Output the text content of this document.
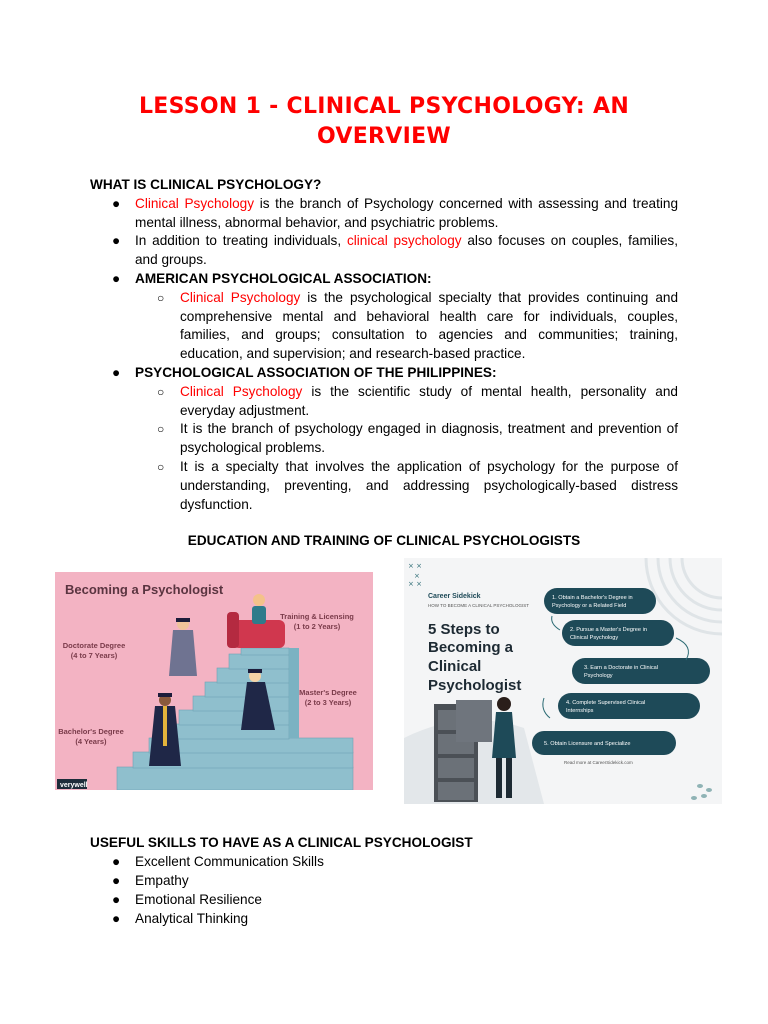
LESSON 1 - CLINICAL PSYCHOLOGY: AN OVERVIEW
WHAT IS CLINICAL PSYCHOLOGY?
● Clinical Psychology is the branch of Psychology concerned with assessing and treating mental illness, abnormal behavior, and psychiatric problems.
● In addition to treating individuals, clinical psychology also focuses on couples, families, and groups.
● AMERICAN PSYCHOLOGICAL ASSOCIATION:
○ Clinical Psychology is the psychological specialty that provides continuing and comprehensive mental and behavioral health care for individuals, couples, families, and groups; consultation to agencies and communities; training, education, and supervision; and research-based practice.
● PSYCHOLOGICAL ASSOCIATION OF THE PHILIPPINES:
○ Clinical Psychology is the scientific study of mental health, personality and everyday adjustment.
○ It is the branch of psychology engaged in diagnosis, treatment and prevention of psychological problems.
○ It is a specialty that involves the application of psychology for the purpose of understanding, preventing, and addressing psychologically-based distress dysfunction.
EDUCATION AND TRAINING OF CLINICAL PSYCHOLOGISTS
Becoming a Psychologist
Training & Licensing
(1 to 2 Years)
Doctorate Degree
(4 to 7 Years)
Master's Degree
(2 to 3 Years)
Bachelor's Degree
(4 Years)
verywell
× ×
×
× ×
Career Sidekick
HOW TO BECOME A CLINICAL PSYCHOLOGIST
5 Steps to
Becoming a
Clinical
Psychologist
1. Obtain a Bachelor's Degree in
Psychology or a Related Field
2. Pursue a Master's Degree in
Clinical Psychology
3. Earn a Doctorate in Clinical
Psychology
4. Complete Supervised Clinical
Internships
5. Obtain Licensure and Specialize
Read more at CareerSidekick.com
USEFUL SKILLS TO HAVE AS A CLINICAL PSYCHOLOGIST
● Excellent Communication Skills
● Empathy
● Emotional Resilience
● Analytical Thinking
